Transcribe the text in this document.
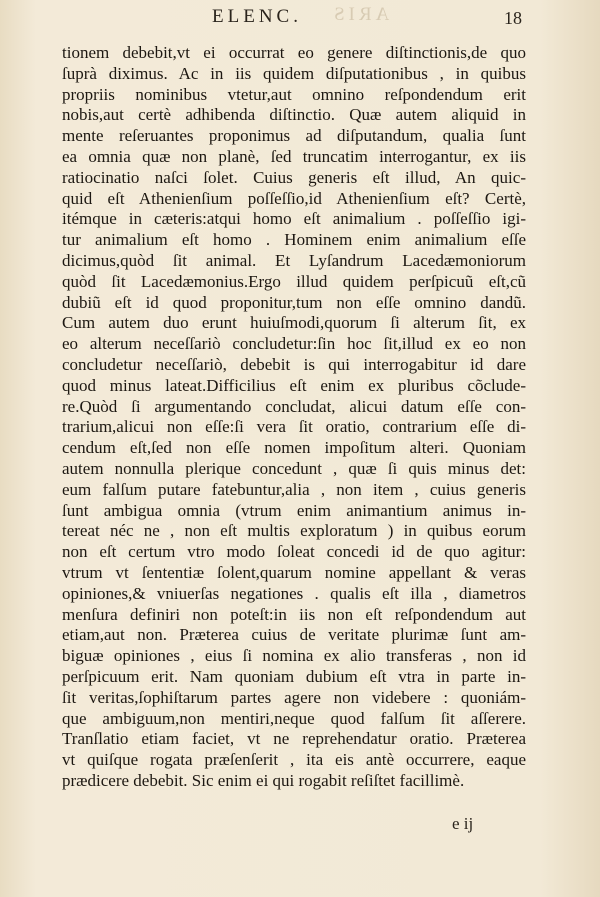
ARIS
ELENC.	18
tionem debebit,vt ei occurrat eo genere diſtinctionis,de quo
ſuprà diximus. Ac in iis quidem diſputationibus , in quibus
propriis nominibus vtetur,aut omnino reſpondendum erit
nobis,aut certè adhibenda diſtinctio. Quæ autem aliquid in
mente reſeruantes proponimus ad diſputandum, qualia ſunt
ea omnia quæ non planè, ſed truncatim interrogantur, ex iis
ratiocinatio naſci ſolet. Cuius generis eſt illud, An quic-
quid eſt Athenienſium poſſeſſio,id Athenienſium eſt? Certè,
itémque in cæteris:atqui homo eſt animalium . poſſeſſio igi-
tur animalium eſt homo . Hominem enim animalium eſſe
dicimus,quòd ſit animal. Et Lyſandrum Lacedæmoniorum
quòd ſit Lacedæmonius.Ergo illud quidem perſpicuũ eſt,cũ
dubiũ eſt id quod proponitur,tum non eſſe omnino dandũ.
Cum autem duo erunt huiuſmodi,quorum ſi alterum ſit, ex
eo alterum neceſſariò concludetur:ſin hoc ſit,illud ex eo non
concludetur neceſſariò, debebit is qui interrogabitur id dare
quod minus lateat.Difficilius eſt enim ex pluribus cõclude-
re.Quòd ſi argumentando concludat, alicui datum eſſe con-
trarium,alicui non eſſe:ſi vera ſit oratio, contrarium eſſe di-
cendum eſt,ſed non eſſe nomen impoſitum alteri. Quoniam
autem nonnulla plerique concedunt , quæ ſi quis minus det:
eum falſum putare fatebuntur,alia , non item , cuius generis
ſunt ambigua omnia (vtrum enim animantium animus in-
tereat néc ne , non eſt multis exploratum ) in quibus eorum
non eſt certum vtro modo ſoleat concedi id de quo agitur:
vtrum vt ſententiæ ſolent,quarum nomine appellant & veras
opiniones,& vniuerſas negationes . qualis eſt illa , diametros
menſura definiri non poteſt:in iis non eſt reſpondendum aut
etiam,aut non. Præterea cuius de veritate plurimæ ſunt am-
biguæ opiniones , eius ſi nomina ex alio transferas , non id
perſpicuum erit. Nam quoniam dubium eſt vtra in parte in-
ſit veritas,ſophiſtarum partes agere non videbere : quoniám-
que ambiguum,non mentiri,neque quod falſum ſit aſſerere.
Tranſlatio etiam faciet, vt ne reprehendatur oratio. Præterea
vt quiſque rogata præſenſerit , ita eis antè occurrere, eaque
prædicere debebit. Sic enim ei qui rogabit reſiſtet facillimè.
e ij
